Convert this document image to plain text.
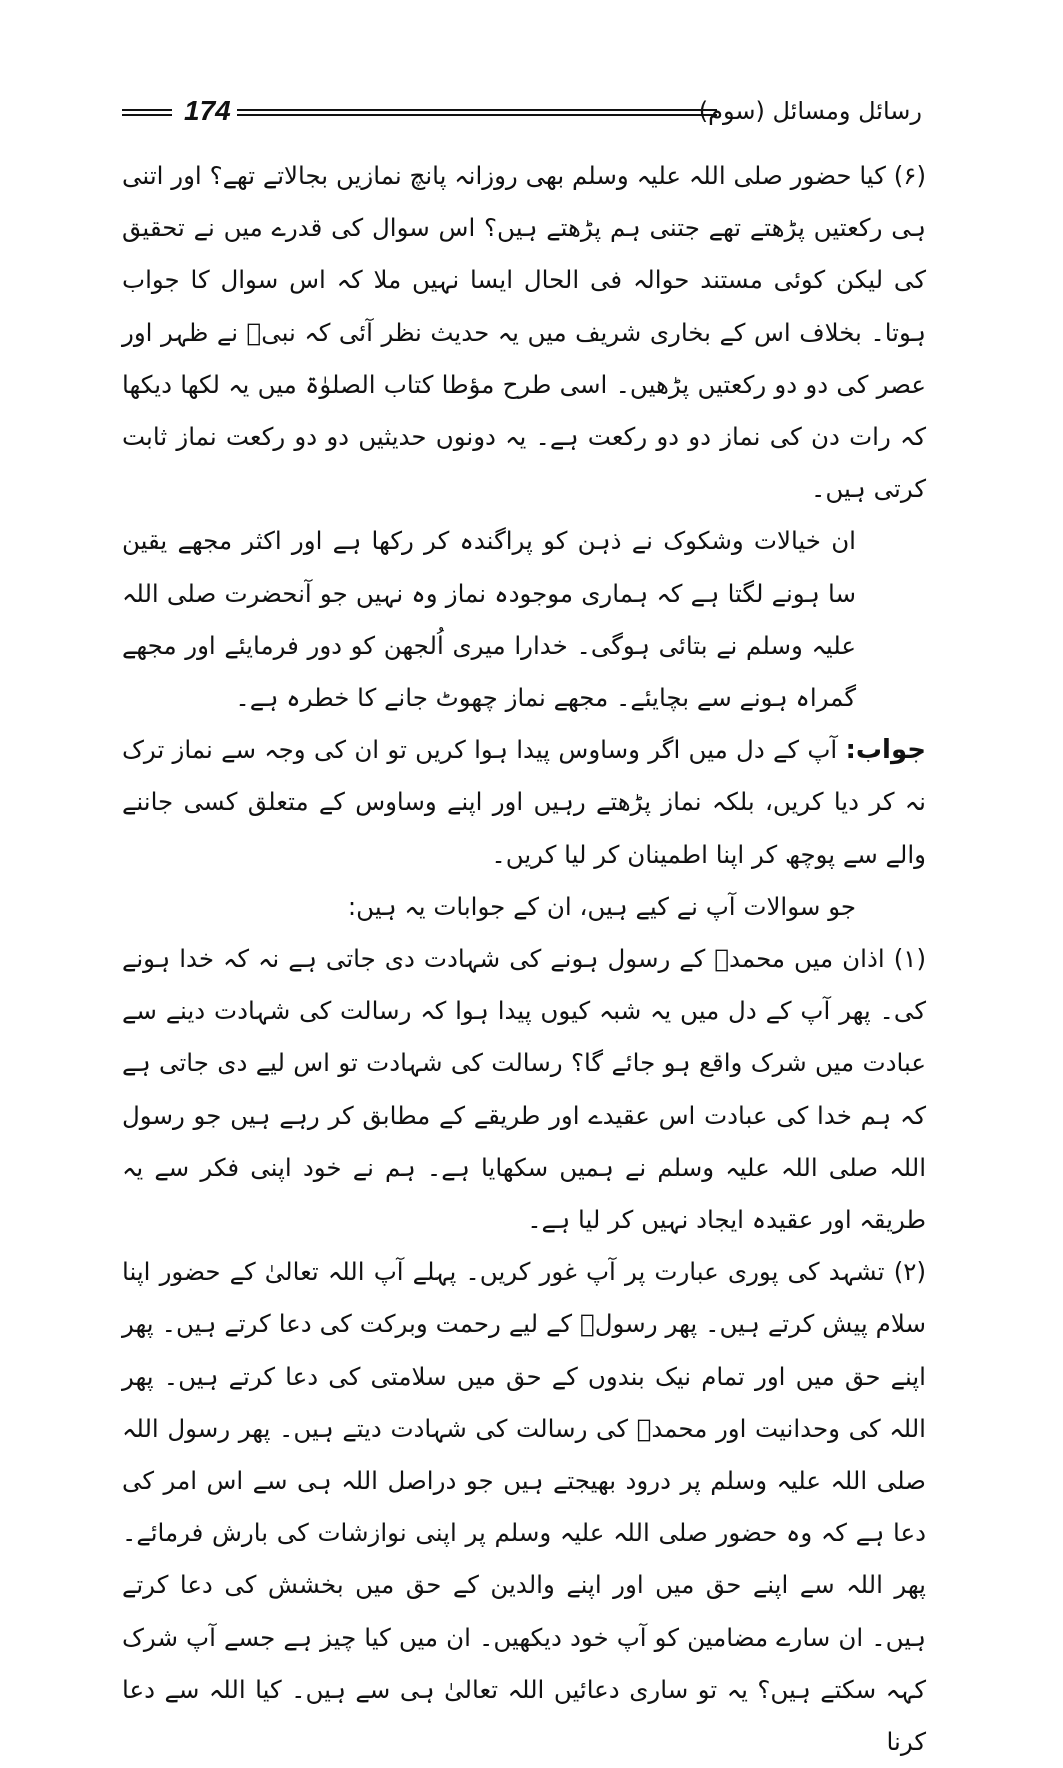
174	رسائل ومسائل (سوم)

(۶) کیا حضور صلی اللہ علیہ وسلم بھی روزانہ پانچ نمازیں بجالاتے تھے؟ اور اتنی ہی رکعتیں پڑھتے تھے جتنی ہم پڑھتے ہیں؟ اس سوال کی قدرے میں نے تحقیق کی لیکن کوئی مستند حوالہ فی الحال ایسا نہیں ملا کہ اس سوال کا جواب ہوتا۔ بخلاف اس کے بخاری شریف میں یہ حدیث نظر آئی کہ نبیؐ نے ظہر اور عصر کی دو دو رکعتیں پڑھیں۔ اسی طرح مؤطا کتاب الصلوٰۃ میں یہ لکھا دیکھا کہ رات دن کی نماز دو دو رکعت ہے۔ یہ دونوں حدیثیں دو دو رکعت نماز ثابت کرتی ہیں۔

ان خیالات وشکوک نے ذہن کو پراگندہ کر رکھا ہے اور اکثر مجھے یقین سا ہونے لگتا ہے کہ ہماری موجودہ نماز وہ نہیں جو آنحضرت صلی اللہ علیہ وسلم نے بتائی ہوگی۔ خدارا میری اُلجھن کو دور فرمایئے اور مجھے گمراہ ہونے سے بچایئے۔ مجھے نماز چھوٹ جانے کا خطرہ ہے۔

جواب: آپ کے دل میں اگر وساوس پیدا ہوا کریں تو ان کی وجہ سے نماز ترک نہ کر دیا کریں، بلکہ نماز پڑھتے رہیں اور اپنے وساوس کے متعلق کسی جاننے والے سے پوچھ کر اپنا اطمینان کر لیا کریں۔

جو سوالات آپ نے کیے ہیں، ان کے جوابات یہ ہیں:

(۱) اذان میں محمدؐ کے رسول ہونے کی شہادت دی جاتی ہے نہ کہ خدا ہونے کی۔ پھر آپ کے دل میں یہ شبہ کیوں پیدا ہوا کہ رسالت کی شہادت دینے سے عبادت میں شرک واقع ہو جائے گا؟ رسالت کی شہادت تو اس لیے دی جاتی ہے کہ ہم خدا کی عبادت اس عقیدے اور طریقے کے مطابق کر رہے ہیں جو رسول اللہ صلی اللہ علیہ وسلم نے ہمیں سکھایا ہے۔ ہم نے خود اپنی فکر سے یہ طریقہ اور عقیدہ ایجاد نہیں کر لیا ہے۔

(۲) تشہد کی پوری عبارت پر آپ غور کریں۔ پہلے آپ اللہ تعالیٰ کے حضور اپنا سلام پیش کرتے ہیں۔ پھر رسولؐ کے لیے رحمت وبرکت کی دعا کرتے ہیں۔ پھر اپنے حق میں اور تمام نیک بندوں کے حق میں سلامتی کی دعا کرتے ہیں۔ پھر اللہ کی وحدانیت اور محمدؐ کی رسالت کی شہادت دیتے ہیں۔ پھر رسول اللہ صلی اللہ علیہ وسلم پر درود بھیجتے ہیں جو دراصل اللہ ہی سے اس امر کی دعا ہے کہ وہ حضور صلی اللہ علیہ وسلم پر اپنی نوازشات کی بارش فرمائے۔ پھر اللہ سے اپنے حق میں اور اپنے والدین کے حق میں بخشش کی دعا کرتے ہیں۔ ان سارے مضامین کو آپ خود دیکھیں۔ ان میں کیا چیز ہے جسے آپ شرک کہہ سکتے ہیں؟ یہ تو ساری دعائیں اللہ تعالیٰ ہی سے ہیں۔ کیا اللہ سے دعا کرنا
